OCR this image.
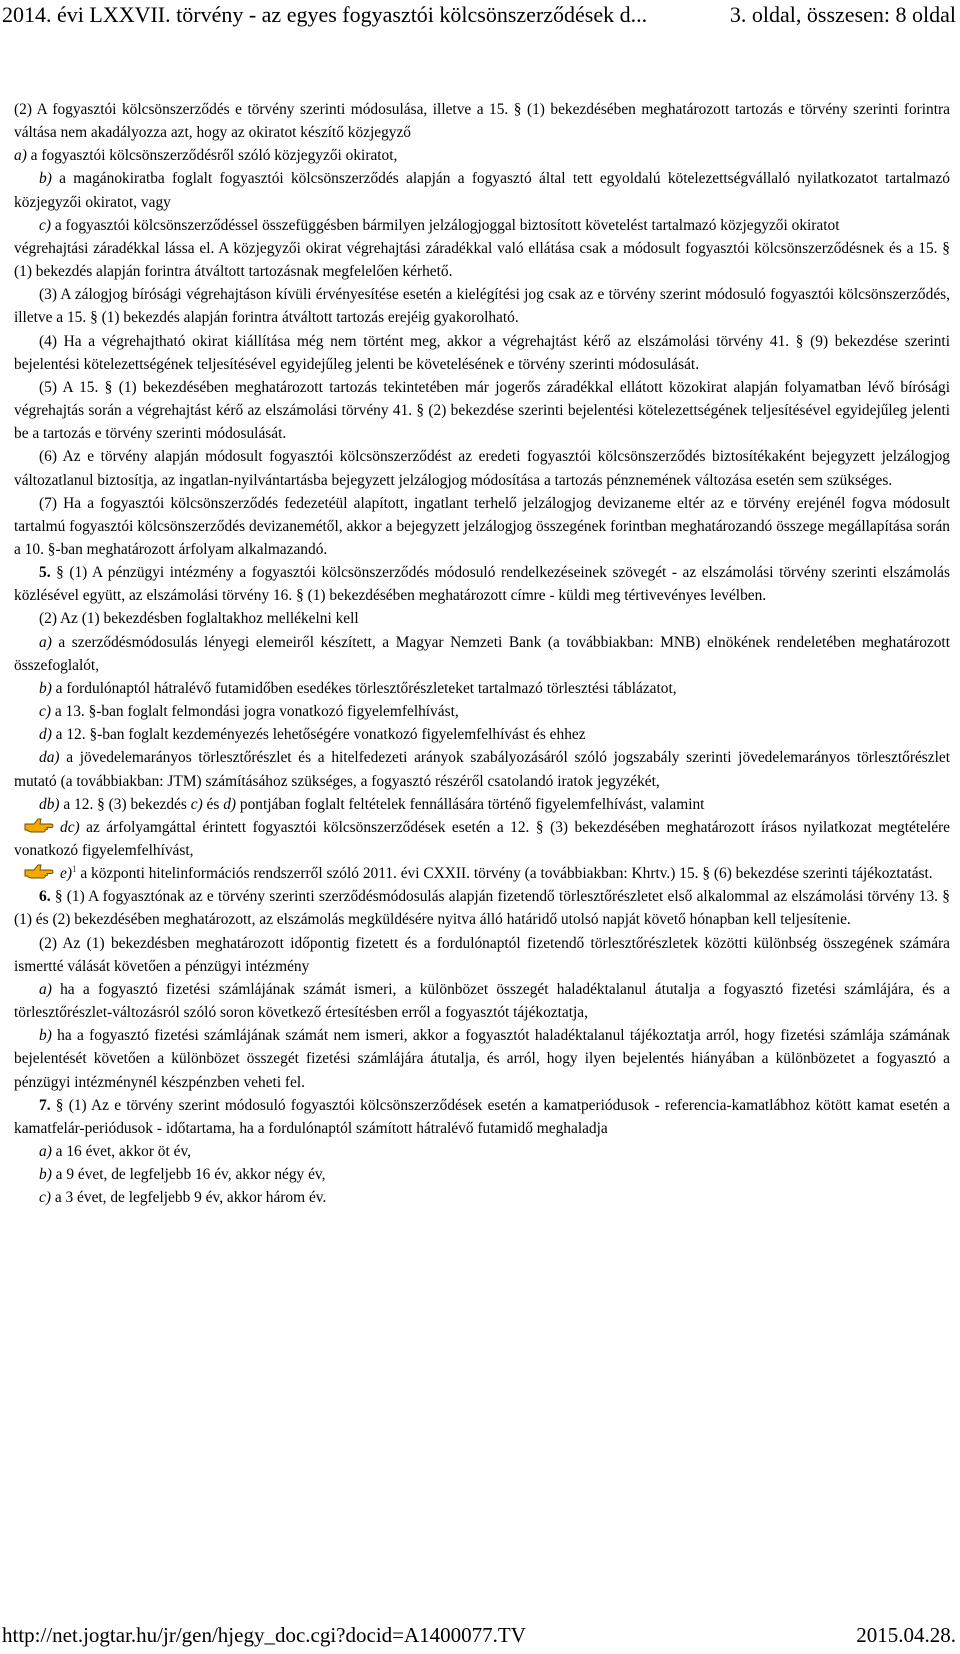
2014. évi LXXVII. törvény - az egyes fogyasztói kölcsönszerződések d...	3. oldal, összesen: 8 oldal

(2) A fogyasztói kölcsönszerződés e törvény szerinti módosulása, illetve a 15. § (1) bekezdésében meghatározott tartozás e törvény szerinti forintra váltása nem akadályozza azt, hogy az okiratot készítő közjegyző

a) a fogyasztói kölcsönszerződésről szóló közjegyzői okiratot,

b) a magánokiratba foglalt fogyasztói kölcsönszerződés alapján a fogyasztó által tett egyoldalú kötelezettségvállaló nyilatkozatot tartalmazó közjegyzői okiratot, vagy

c) a fogyasztói kölcsönszerződéssel összefüggésben bármilyen jelzálogjoggal biztosított követelést tartalmazó közjegyzői okiratot

végrehajtási záradékkal lássa el. A közjegyzői okirat végrehajtási záradékkal való ellátása csak a módosult fogyasztói kölcsönszerződésnek és a 15. § (1) bekezdés alapján forintra átváltott tartozásnak megfelelően kérhető.

(3) A zálogjog bírósági végrehajtáson kívüli érvényesítése esetén a kielégítési jog csak az e törvény szerint módosuló fogyasztói kölcsönszerződés, illetve a 15. § (1) bekezdés alapján forintra átváltott tartozás erejéig gyakorolható.

(4) Ha a végrehajtható okirat kiállítása még nem történt meg, akkor a végrehajtást kérő az elszámolási törvény 41. § (9) bekezdése szerinti bejelentési kötelezettségének teljesítésével egyidejűleg jelenti be követelésének e törvény szerinti módosulását.

(5) A 15. § (1) bekezdésében meghatározott tartozás tekintetében már jogerős záradékkal ellátott közokirat alapján folyamatban lévő bírósági végrehajtás során a végrehajtást kérő az elszámolási törvény 41. § (2) bekezdése szerinti bejelentési kötelezettségének teljesítésével egyidejűleg jelenti be a tartozás e törvény szerinti módosulását.

(6) Az e törvény alapján módosult fogyasztói kölcsönszerződést az eredeti fogyasztói kölcsönszerződés biztosítékaként bejegyzett jelzálogjog változatlanul biztosítja, az ingatlan-nyilvántartásba bejegyzett jelzálogjog módosítása a tartozás pénznemének változása esetén sem szükséges.

(7) Ha a fogyasztói kölcsönszerződés fedezetéül alapított, ingatlant terhelő jelzálogjog devizaneme eltér az e törvény erejénél fogva módosult tartalmú fogyasztói kölcsönszerződés devizanemétől, akkor a bejegyzett jelzálogjog összegének forintban meghatározandó összege megállapítása során a 10. §-ban meghatározott árfolyam alkalmazandó.

5. § (1) A pénzügyi intézmény a fogyasztói kölcsönszerződés módosuló rendelkezéseinek szövegét - az elszámolási törvény szerinti elszámolás közlésével együtt, az elszámolási törvény 16. § (1) bekezdésében meghatározott címre - küldi meg tértivevényes levélben.

(2) Az (1) bekezdésben foglaltakhoz mellékelni kell

a) a szerződésmódosulás lényegi elemeiről készített, a Magyar Nemzeti Bank (a továbbiakban: MNB) elnökének rendeletében meghatározott összefoglalót,

b) a fordulónaptól hátralévő futamidőben esedékes törlesztőrészleteket tartalmazó törlesztési táblázatot,

c) a 13. §-ban foglalt felmondási jogra vonatkozó figyelemfelhívást,

d) a 12. §-ban foglalt kezdeményezés lehetőségére vonatkozó figyelemfelhívást és ehhez

da) a jövedelemarányos törlesztőrészlet és a hitelfedezeti arányok szabályozásáról szóló jogszabály szerinti jövedelemarányos törlesztőrészlet mutató (a továbbiakban: JTM) számításához szükséges, a fogyasztó részéről csatolandó iratok jegyzékét,

db) a 12. § (3) bekezdés c) és d) pontjában foglalt feltételek fennállására történő figyelemfelhívást, valamint

dc) az árfolyamgáttal érintett fogyasztói kölcsönszerződések esetén a 12. § (3) bekezdésében meghatározott írásos nyilatkozat megtételére vonatkozó figyelemfelhívást,

e)$^1$ a központi hitelinformációs rendszerről szóló 2011. évi CXXII. törvény (a továbbiakban: Khrtv.) 15. § (6) bekezdése szerinti tájékoztatást.

6. § (1) A fogyasztónak az e törvény szerinti szerződésmódosulás alapján fizetendő törlesztőrészletet első alkalommal az elszámolási törvény 13. § (1) és (2) bekezdésében meghatározott, az elszámolás megküldésére nyitva álló határidő utolsó napját követő hónapban kell teljesítenie.

(2) Az (1) bekezdésben meghatározott időpontig fizetett és a fordulónaptól fizetendő törlesztőrészletek közötti különbség összegének számára ismertté válását követően a pénzügyi intézmény

a) ha a fogyasztó fizetési számlájának számát ismeri, a különbözet összegét haladéktalanul átutalja a fogyasztó fizetési számlájára, és a törlesztőrészlet-változásról szóló soron következő értesítésben erről a fogyasztót tájékoztatja,

b) ha a fogyasztó fizetési számlájának számát nem ismeri, akkor a fogyasztót haladéktalanul tájékoztatja arról, hogy fizetési számlája számának bejelentését követően a különbözet összegét fizetési számlájára átutalja, és arról, hogy ilyen bejelentés hiányában a különbözetet a fogyasztó a pénzügyi intézménynél készpénzben veheti fel.

7. § (1) Az e törvény szerint módosuló fogyasztói kölcsönszerződések esetén a kamatperiódusok - referencia-kamatlábhoz kötött kamat esetén a kamatfelár-periódusok - időtartama, ha a fordulónaptól számított hátralévő futamidő meghaladja

a) a 16 évet, akkor öt év,

b) a 9 évet, de legfeljebb 16 év, akkor négy év,

c) a 3 évet, de legfeljebb 9 év, akkor három év.

http://net.jogtar.hu/jr/gen/hjegy_doc.cgi?docid=A1400077.TV	2015.04.28.
